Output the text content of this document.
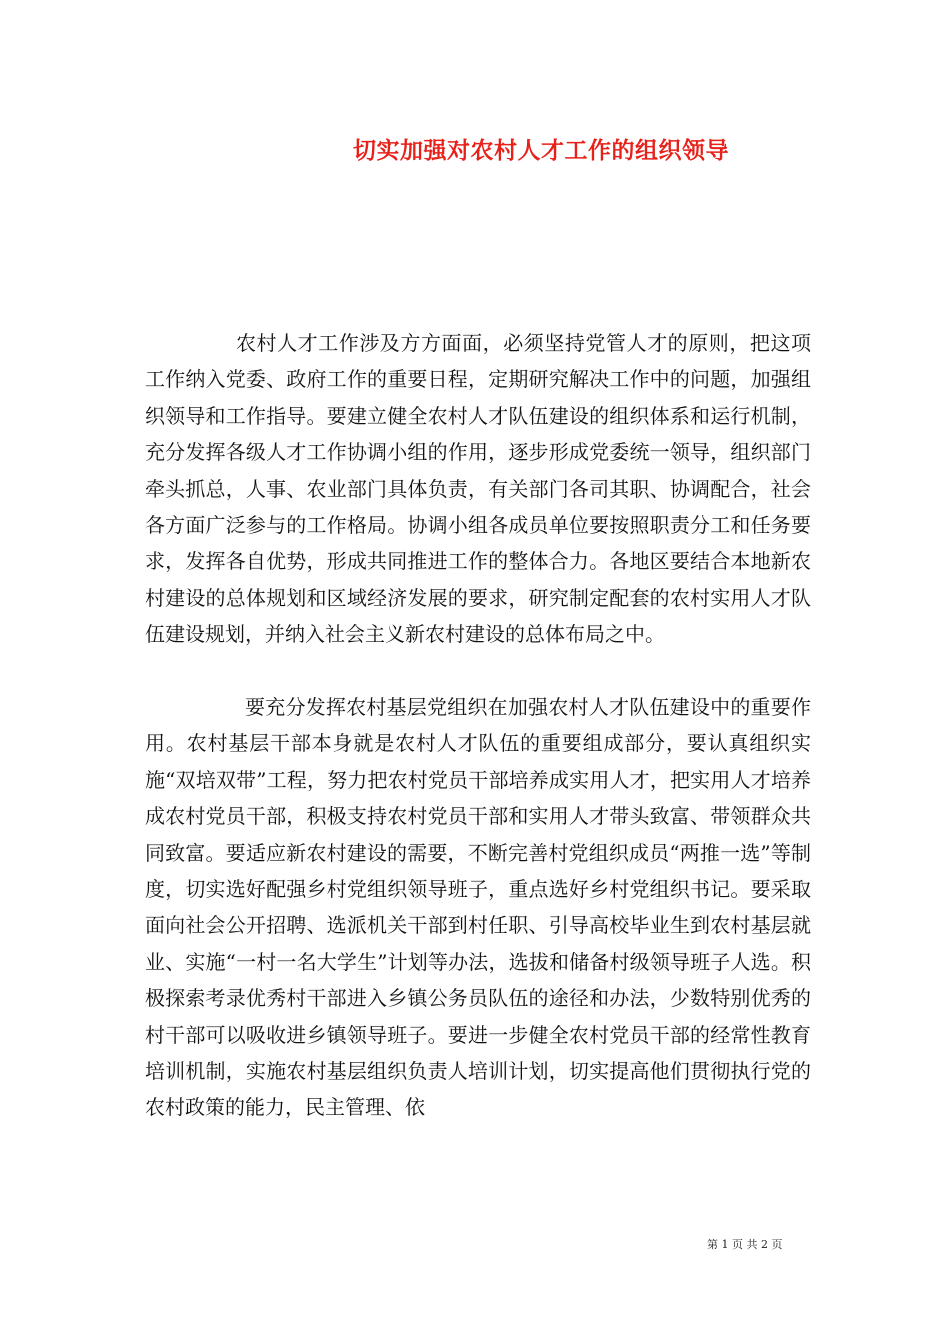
切实加强对农村人才工作的组织领导

农村人才工作涉及方方面面，必须坚持党管人才的原则，把这项工作纳入党委、政府工作的重要日程，定期研究解决工作中的问题，加强组织领导和工作指导。要建立健全农村人才队伍建设的组织体系和运行机制，充分发挥各级人才工作协调小组的作用，逐步形成党委统一领导，组织部门牵头抓总，人事、农业部门具体负责，有关部门各司其职、协调配合，社会各方面广泛参与的工作格局。协调小组各成员单位要按照职责分工和任务要求，发挥各自优势，形成共同推进工作的整体合力。各地区要结合本地新农村建设的总体规划和区域经济发展的要求，研究制定配套的农村实用人才队伍建设规划，并纳入社会主义新农村建设的总体布局之中。

要充分发挥农村基层党组织在加强农村人才队伍建设中的重要作用。农村基层干部本身就是农村人才队伍的重要组成部分，要认真组织实施“双培双带”工程，努力把农村党员干部培养成实用人才，把实用人才培养成农村党员干部，积极支持农村党员干部和实用人才带头致富、带领群众共同致富。要适应新农村建设的需要，不断完善村党组织成员“两推一选”等制度，切实选好配强乡村党组织领导班子，重点选好乡村党组织书记。要采取面向社会公开招聘、选派机关干部到村任职、引导高校毕业生到农村基层就业、实施“一村一名大学生”计划等办法，选拔和储备村级领导班子人选。积极探索考录优秀村干部进入乡镇公务员队伍的途径和办法，少数特别优秀的村干部可以吸收进乡镇领导班子。要进一步健全农村党员干部的经常性教育培训机制，实施农村基层组织负责人培训计划，切实提高他们贯彻执行党的农村政策的能力，民主管理、依

第 1 页 共 2 页
